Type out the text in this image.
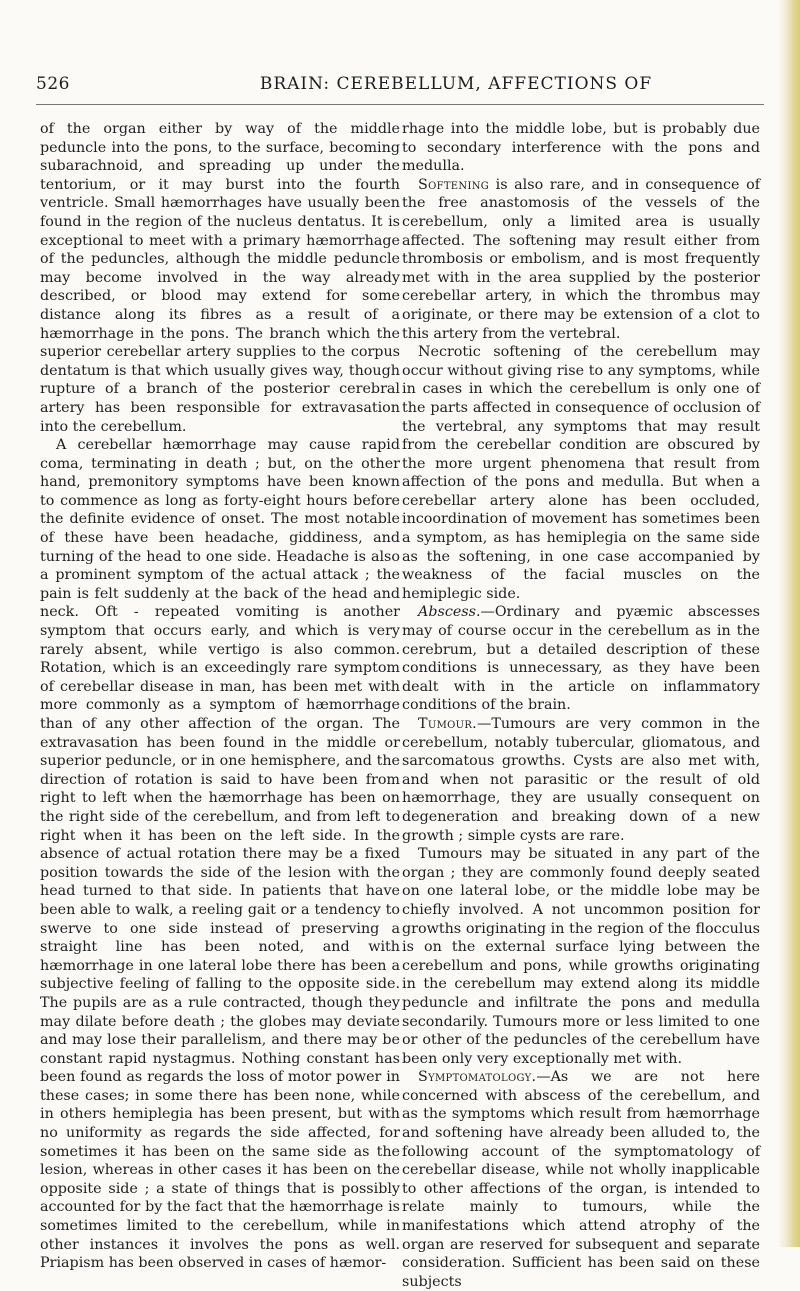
526	BRAIN: CEREBELLUM, AFFECTIONS OF

of the organ either by way of the middle peduncle into the pons, to the surface, becoming subarachnoid, and spreading up under the tentorium, or it may burst into the fourth ventricle. Small hæmorrhages have usually been found in the region of the nucleus dentatus. It is exceptional to meet with a primary hæmorrhage of the peduncles, although the middle peduncle may become involved in the way already described, or blood may extend for some distance along its fibres as a result of a hæmorrhage in the pons. The branch which the superior cerebellar artery supplies to the corpus dentatum is that which usually gives way, though rupture of a branch of the posterior cerebral artery has been responsible for extravasation into the cerebellum.

A cerebellar hæmorrhage may cause rapid coma, terminating in death ; but, on the other hand, premonitory symptoms have been known to commence as long as forty-eight hours before the definite evidence of onset. The most notable of these have been headache, giddiness, and turning of the head to one side. Headache is also a prominent symptom of the actual attack ; the pain is felt suddenly at the back of the head and neck. Oft - repeated vomiting is another symptom that occurs early, and which is very rarely absent, while vertigo is also common. Rotation, which is an exceedingly rare symptom of cerebellar disease in man, has been met with more commonly as a symptom of hæmorrhage than of any other affection of the organ. The extravasation has been found in the middle or superior peduncle, or in one hemisphere, and the direction of rotation is said to have been from right to left when the hæmorrhage has been on the right side of the cerebellum, and from left to right when it has been on the left side. In the absence of actual rotation there may be a fixed position towards the side of the lesion with the head turned to that side. In patients that have been able to walk, a reeling gait or a tendency to swerve to one side instead of preserving a straight line has been noted, and with hæmorrhage in one lateral lobe there has been a subjective feeling of falling to the opposite side. The pupils are as a rule contracted, though they may dilate before death ; the globes may deviate and may lose their parallelism, and there may be constant rapid nystagmus. Nothing constant has been found as regards the loss of motor power in these cases; in some there has been none, while in others hemiplegia has been present, but with no uniformity as regards the side affected, for sometimes it has been on the same side as the lesion, whereas in other cases it has been on the opposite side ; a state of things that is possibly accounted for by the fact that the hæmorrhage is sometimes limited to the cerebellum, while in other instances it involves the pons as well. Priapism has been observed in cases of hæmor-

rhage into the middle lobe, but is probably due to secondary interference with the pons and medulla.

Softening is also rare, and in consequence of the free anastomosis of the vessels of the cerebellum, only a limited area is usually affected. The softening may result either from thrombosis or embolism, and is most frequently met with in the area supplied by the posterior cerebellar artery, in which the thrombus may originate, or there may be extension of a clot to this artery from the vertebral.

Necrotic softening of the cerebellum may occur without giving rise to any symptoms, while in cases in which the cerebellum is only one of the parts affected in consequence of occlusion of the vertebral, any symptoms that may result from the cerebellar condition are obscured by the more urgent phenomena that result from affection of the pons and medulla. But when a cerebellar artery alone has been occluded, incoordination of movement has sometimes been a symptom, as has hemiplegia on the same side as the softening, in one case accompanied by weakness of the facial muscles on the hemiplegic side.

Abscess.—Ordinary and pyæmic abscesses may of course occur in the cerebellum as in the cerebrum, but a detailed description of these conditions is unnecessary, as they have been dealt with in the article on inflammatory conditions of the brain.

Tumour.—Tumours are very common in the cerebellum, notably tubercular, gliomatous, and sarcomatous growths. Cysts are also met with, and when not parasitic or the result of old hæmorrhage, they are usually consequent on degeneration and breaking down of a new growth ; simple cysts are rare.

Tumours may be situated in any part of the organ ; they are commonly found deeply seated on one lateral lobe, or the middle lobe may be chiefly involved. A not uncommon position for growths originating in the region of the flocculus is on the external surface lying between the cerebellum and pons, while growths originating in the cerebellum may extend along its middle peduncle and infiltrate the pons and medulla secondarily. Tumours more or less limited to one or other of the peduncles of the cerebellum have been only very exceptionally met with.

Symptomatology.—As we are not here concerned with abscess of the cerebellum, and as the symptoms which result from hæmorrhage and softening have already been alluded to, the following account of the symptomatology of cerebellar disease, while not wholly inapplicable to other affections of the organ, is intended to relate mainly to tumours, while the manifestations which attend atrophy of the organ are reserved for subsequent and separate consideration. Sufficient has been said on these subjects
